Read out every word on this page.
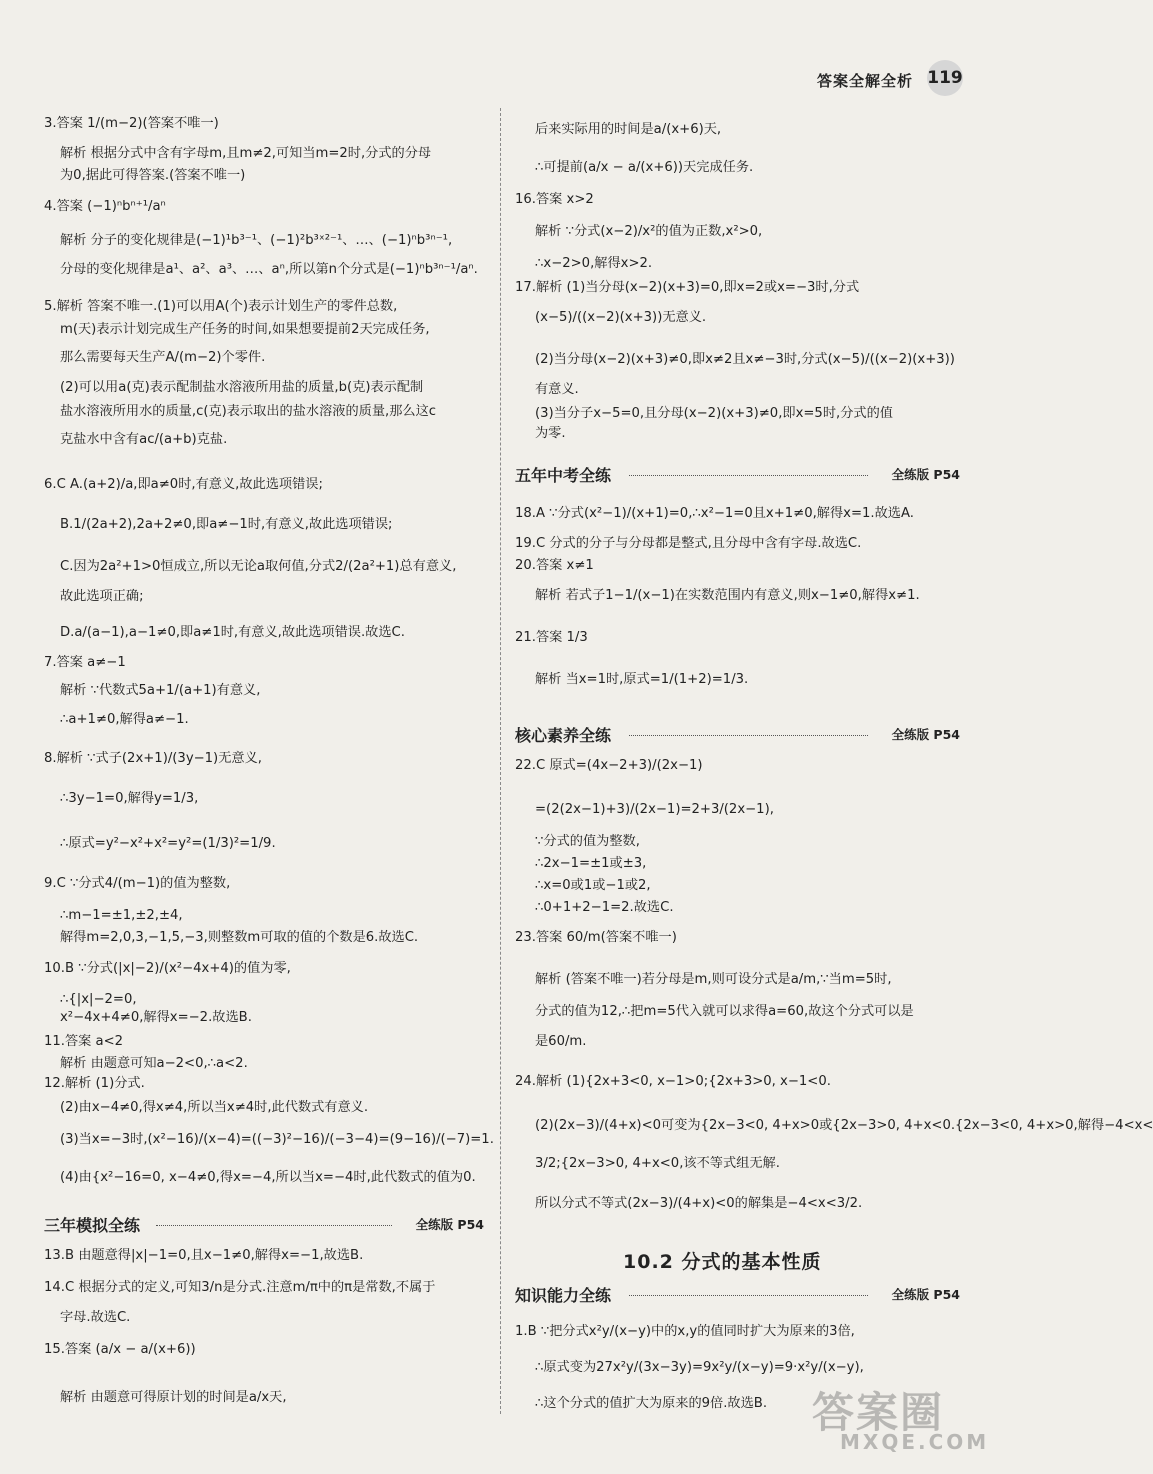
答案全解全析 119
3.答案 1/(m−2)(答案不唯一)
解析 根据分式中含有字母m,且m≠2,可知当m=2时,分式的分母
为0,据此可得答案.(答案不唯一)
4.答案 (−1)ⁿbⁿ⁺¹/aⁿ
解析 分子的变化规律是(−1)¹b³⁻¹、(−1)²b³ˣ²⁻¹、…、(−1)ⁿb³ⁿ⁻¹,
分母的变化规律是a¹、a²、a³、…、aⁿ,所以第n个分式是(−1)ⁿb³ⁿ⁻¹/aⁿ.
5.解析 答案不唯一.(1)可以用A(个)表示计划生产的零件总数,
m(天)表示计划完成生产任务的时间,如果想要提前2天完成任务,
那么需要每天生产A/(m−2)个零件.
(2)可以用a(克)表示配制盐水溶液所用盐的质量,b(克)表示配制
盐水溶液所用水的质量,c(克)表示取出的盐水溶液的质量,那么这c
克盐水中含有ac/(a+b)克盐.
6.C A.(a+2)/a,即a≠0时,有意义,故此选项错误;
B.1/(2a+2),2a+2≠0,即a≠−1时,有意义,故此选项错误;
C.因为2a²+1>0恒成立,所以无论a取何值,分式2/(2a²+1)总有意义,
故此选项正确;
D.a/(a−1),a−1≠0,即a≠1时,有意义,故此选项错误.故选C.
7.答案 a≠−1
解析 ∵代数式5a+1/(a+1)有意义,
∴a+1≠0,解得a≠−1.
8.解析 ∵式子(2x+1)/(3y−1)无意义,
∴3y−1=0,解得y=1/3,
∴原式=y²−x²+x²=y²=(1/3)²=1/9.
9.C ∵分式4/(m−1)的值为整数,
∴m−1=±1,±2,±4,
解得m=2,0,3,−1,5,−3,则整数m可取的值的个数是6.故选C.
10.B ∵分式(|x|−2)/(x²−4x+4)的值为零,
∴{|x|−2=0,
x²−4x+4≠0,解得x=−2.故选B.
11.答案 a<2
解析 由题意可知a−2<0,∴a<2.
12.解析 (1)分式.
(2)由x−4≠0,得x≠4,所以当x≠4时,此代数式有意义.
(3)当x=−3时,(x²−16)/(x−4)=((−3)²−16)/(−3−4)=(9−16)/(−7)=1.
(4)由{x²−16=0, x−4≠0,得x=−4,所以当x=−4时,此代数式的值为0.
三年模拟全练	全练版 P54
13.B 由题意得|x|−1=0,且x−1≠0,解得x=−1,故选B.
14.C 根据分式的定义,可知3/n是分式.注意m/π中的π是常数,不属于
字母.故选C.
15.答案 (a/x − a/(x+6))
解析 由题意可得原计划的时间是a/x天,
后来实际用的时间是a/(x+6)天,
∴可提前(a/x − a/(x+6))天完成任务.
16.答案 x>2
解析 ∵分式(x−2)/x²的值为正数,x²>0,
∴x−2>0,解得x>2.
17.解析 (1)当分母(x−2)(x+3)=0,即x=2或x=−3时,分式
(x−5)/((x−2)(x+3))无意义.
(2)当分母(x−2)(x+3)≠0,即x≠2且x≠−3时,分式(x−5)/((x−2)(x+3))
有意义.
(3)当分子x−5=0,且分母(x−2)(x+3)≠0,即x=5时,分式的值
为零.
五年中考全练	全练版 P54
18.A ∵分式(x²−1)/(x+1)=0,∴x²−1=0且x+1≠0,解得x=1.故选A.
19.C 分式的分子与分母都是整式,且分母中含有字母.故选C.
20.答案 x≠1
解析 若式子1−1/(x−1)在实数范围内有意义,则x−1≠0,解得x≠1.
21.答案 1/3
解析 当x=1时,原式=1/(1+2)=1/3.
核心素养全练	全练版 P54
22.C 原式=(4x−2+3)/(2x−1)
=(2(2x−1)+3)/(2x−1)=2+3/(2x−1),
∵分式的值为整数,
∴2x−1=±1或±3,
∴x=0或1或−1或2,
∴0+1+2−1=2.故选C.
23.答案 60/m(答案不唯一)
解析 (答案不唯一)若分母是m,则可设分式是a/m,∵当m=5时,
分式的值为12,∴把m=5代入就可以求得a=60,故这个分式可以是
是60/m.
24.解析 (1){2x+3<0, x−1>0;{2x+3>0, x−1<0.
(2)(2x−3)/(4+x)<0可变为{2x−3<0, 4+x>0或{2x−3>0, 4+x<0.{2x−3<0, 4+x>0,解得−4<x<
3/2;{2x−3>0, 4+x<0,该不等式组无解.
所以分式不等式(2x−3)/(4+x)<0的解集是−4<x<3/2.
10.2 分式的基本性质
知识能力全练	全练版 P54
1.B ∵把分式x²y/(x−y)中的x,y的值同时扩大为原来的3倍,
∴原式变为27x²y/(3x−3y)=9x²y/(x−y)=9·x²y/(x−y),
∴这个分式的值扩大为原来的9倍.故选B. 答案圈
MXQE.COM
